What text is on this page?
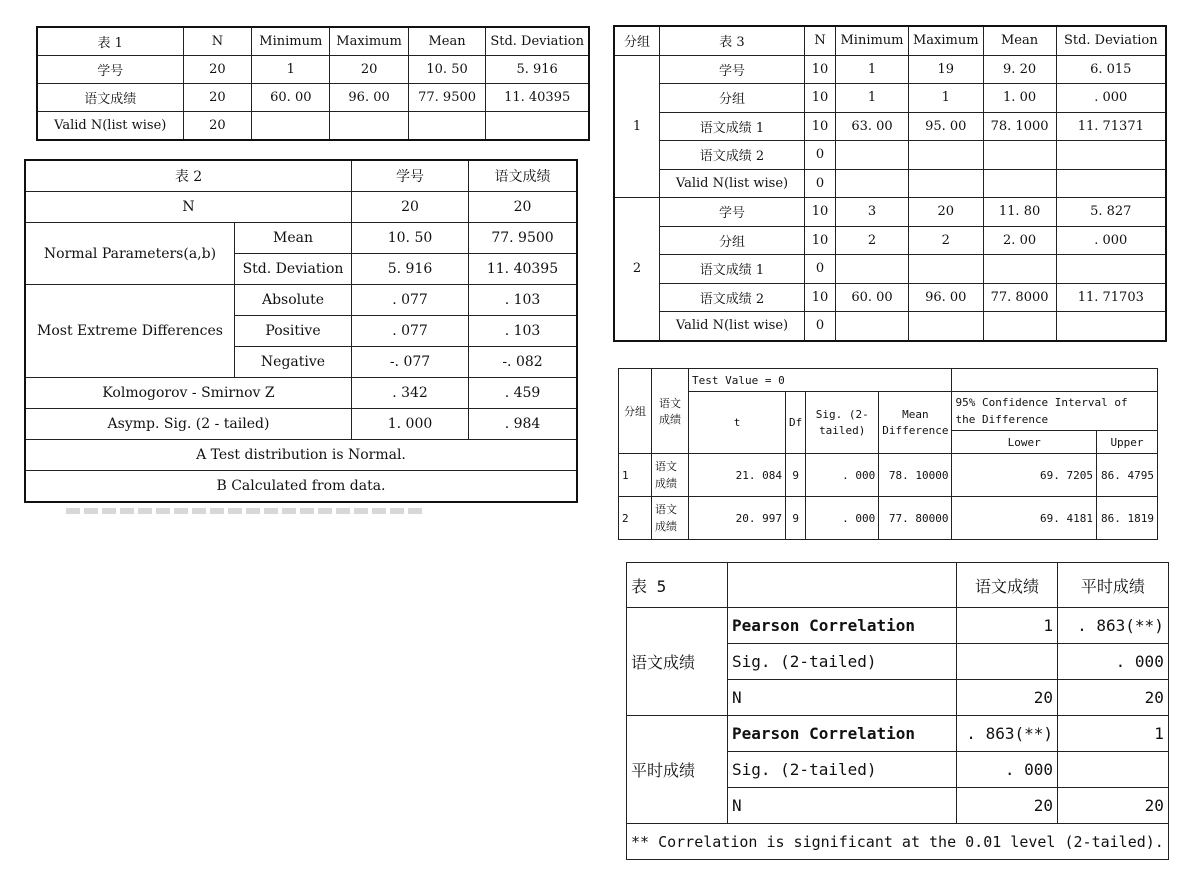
表 1	N	Minimum	Maximum	Mean	Std. Deviation
学号	20	1	20	10. 50	5. 916
语文成绩	20	60. 00	96. 00	77. 9500	11. 40395
Valid N(list wise)	20				
表 2		学号	语文成绩
N		20	20
Normal Parameters(a,b)	Mean	10. 50	77. 9500
	Std. Deviation	5. 916	11. 40395
Most Extreme Differences	Absolute	. 077	. 103
	Positive	. 077	. 103
	Negative	-. 077	-. 082
Kolmogorov - Smirnov Z		. 342	. 459
Asymp. Sig. (2 - tailed)		1. 000	. 984
A Test distribution is Normal.			
B Calculated from data.			
分组	表 3	N	Minimum	Maximum	Mean	Std. Deviation
1	学号	10	1	19	9. 20	6. 015
	分组	10	1	1	1. 00	. 000
	语文成绩 1	10	63. 00	95. 00	78. 1000	11. 71371
	语文成绩 2	0				
	Valid N(list wise)	0				
2	学号	10	3	20	11. 80	5. 827
	分组	10	2	2	2. 00	. 000
	语文成绩 1	0				
	语文成绩 2	10	60. 00	96. 00	77. 8000	11. 71703
	Valid N(list wise)	0				
分组	语文成绩	Test Value = 0					
		t	Df	Sig. (2-tailed)	Mean Difference	95% Confidence Interval of the Difference	
						Lower	Upper
1	语文成绩	21. 084	9	. 000	78. 10000	69. 7205	86. 4795
2	语文成绩	20. 997	9	. 000	77. 80000	69. 4181	86. 1819
表 5		语文成绩	平时成绩
语文成绩	Pearson Correlation	1	. 863(**)
	Sig. (2-tailed)		. 000
	N	20	20
平时成绩	Pearson Correlation	. 863(**)	1
	Sig. (2-tailed)	. 000	
	N	20	20
** Correlation is significant at the 0.01 level (2-tailed).			
